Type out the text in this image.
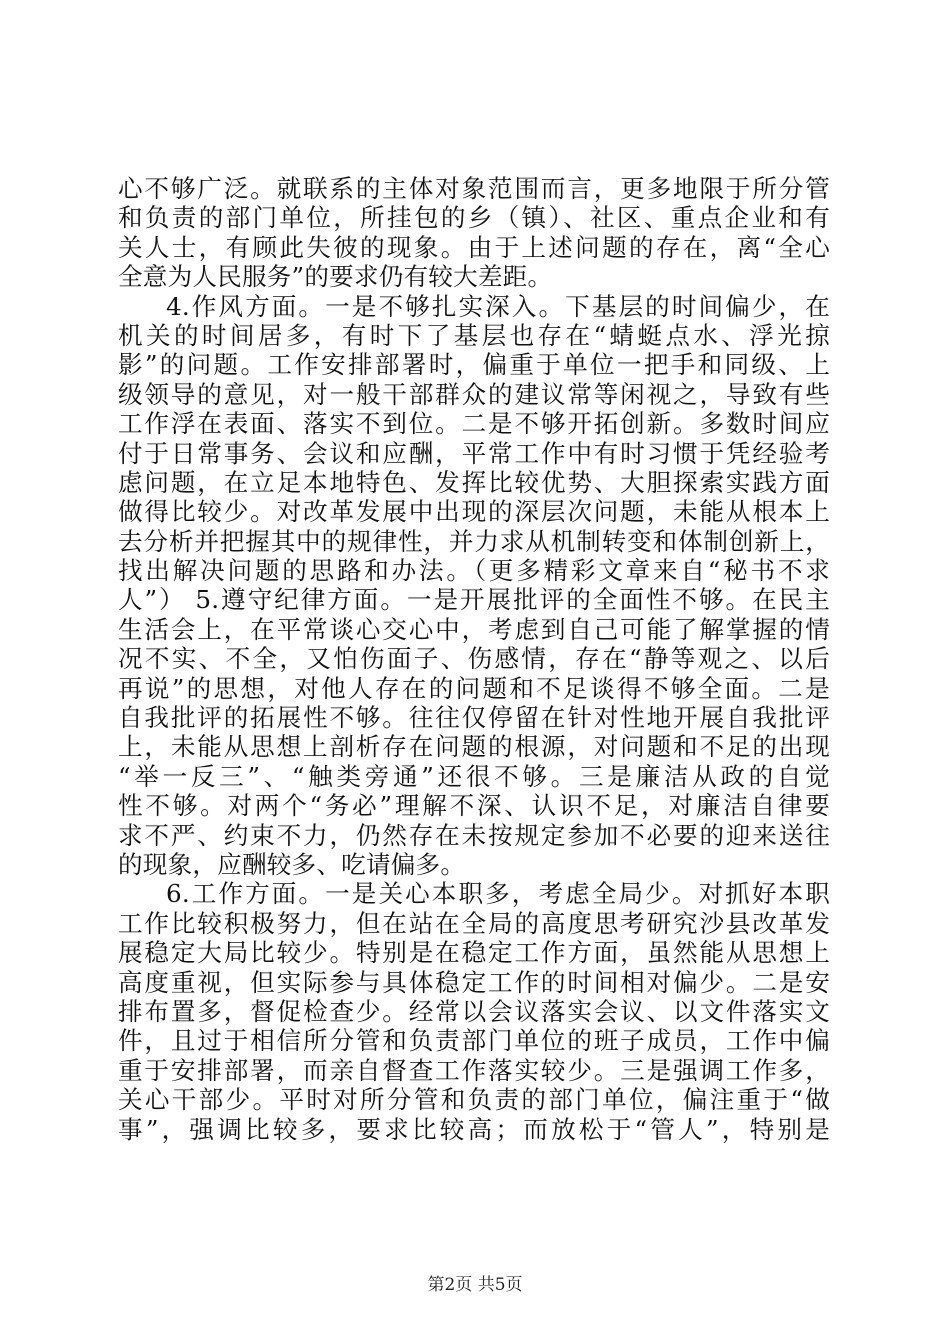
心不够广泛。就联系的主体对象范围而言，更多地限于所分管
和负责的部门单位，所挂包的乡（镇）、社区、重点企业和有
关人士，有顾此失彼的现象。由于上述问题的存在，离“全心
全意为人民服务”的要求仍有较大差距。
4.作风方面。一是不够扎实深入。下基层的时间偏少，在
机关的时间居多，有时下了基层也存在“蜻蜓点水、浮光掠
影”的问题。工作安排部署时，偏重于单位一把手和同级、上
级领导的意见，对一般干部群众的建议常等闲视之，导致有些
工作浮在表面、落实不到位。二是不够开拓创新。多数时间应
付于日常事务、会议和应酬，平常工作中有时习惯于凭经验考
虑问题，在立足本地特色、发挥比较优势、大胆探索实践方面
做得比较少。对改革发展中出现的深层次问题，未能从根本上
去分析并把握其中的规律性，并力求从机制转变和体制创新上，
找出解决问题的思路和办法。（更多精彩文章来自“秘书不求
人”） 5.遵守纪律方面。一是开展批评的全面性不够。在民主
生活会上，在平常谈心交心中，考虑到自己可能了解掌握的情
况不实、不全，又怕伤面子、伤感情，存在“静等观之、以后
再说”的思想，对他人存在的问题和不足谈得不够全面。二是
自我批评的拓展性不够。往往仅停留在针对性地开展自我批评
上，未能从思想上剖析存在问题的根源，对问题和不足的出现
“举一反三”、“触类旁通”还很不够。三是廉洁从政的自觉
性不够。对两个“务必”理解不深、认识不足，对廉洁自律要
求不严、约束不力，仍然存在未按规定参加不必要的迎来送往
的现象，应酬较多、吃请偏多。
6.工作方面。一是关心本职多，考虑全局少。对抓好本职
工作比较积极努力，但在站在全局的高度思考研究沙县改革发
展稳定大局比较少。特别是在稳定工作方面，虽然能从思想上
高度重视，但实际参与具体稳定工作的时间相对偏少。二是安
排布置多，督促检查少。经常以会议落实会议、以文件落实文
件，且过于相信所分管和负责部门单位的班子成员，工作中偏
重于安排部署，而亲自督查工作落实较少。三是强调工作多，
关心干部少。平时对所分管和负责的部门单位，偏注重于“做
事”，强调比较多，要求比较高；而放松于“管人”，特别是
第2页 共5页
